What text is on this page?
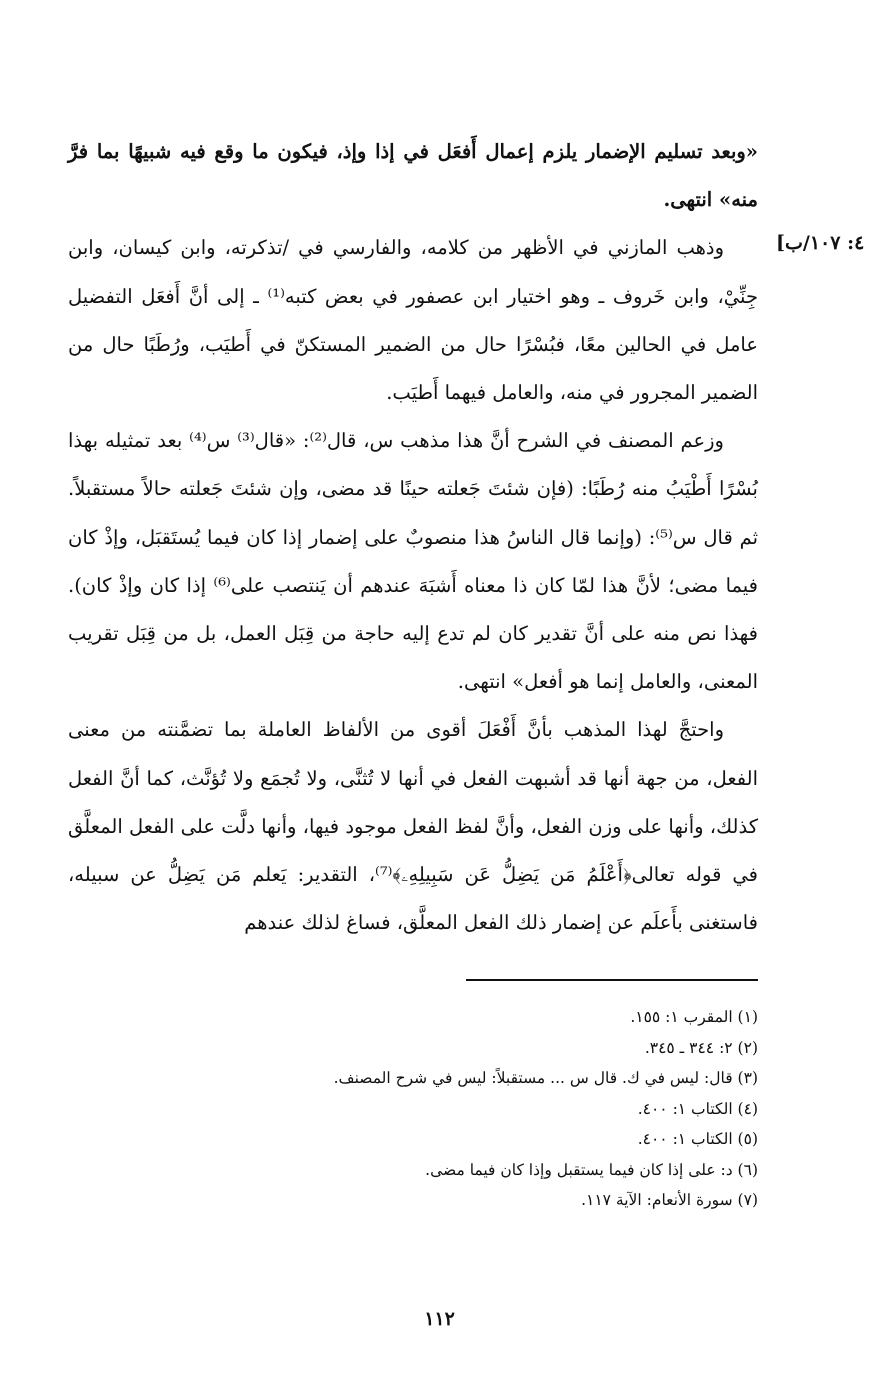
٤: ١٠٧/ب]

«وبعد تسليم الإضمار يلزم إعمال أَفعَل في إذا وإذ، فيكون ما وقع فيه شبيهًا بما فرَّ منه» انتهى.

وذهب المازني في الأظهر من كلامه، والفارسي في /تذكرته، وابن كيسان، وابن جِنِّيْ، وابن خَروف ـ وهو اختيار ابن عصفور في بعض كتبه⁽¹⁾ ـ إلى أنَّ أَفعَل التفضيل عامل في الحالين معًا، فبُسْرًا حال من الضمير المستكنّ في أَطيَب، ورُطَبًا حال من الضمير المجرور في منه، والعامل فيهما أَطيَب.

وزعم المصنف في الشرح أنَّ هذا مذهب س، قال⁽²⁾: «قال⁽³⁾ س⁽⁴⁾ بعد تمثيله بهذا بُسْرًا أَطْيَبُ منه رُطَبًا: (فإن شئتَ جَعلته حينًا قد مضى، وإن شئتَ جَعلته حالاً مستقبلاً. ثم قال س⁽⁵⁾: (وإنما قال الناسُ هذا منصوبٌ على إضمار إذا كان فيما يُستَقبَل، وإذْ كان فيما مضى؛ لأنَّ هذا لمّا كان ذا معناه أَشبَهَ عندهم أن يَنتصب على⁽⁶⁾ إذا كان وإذْ كان). فهذا نص منه على أنَّ تقدير كان لم تدع إليه حاجة من قِبَل العمل، بل من قِبَل تقريب المعنى، والعامل إنما هو أفعل» انتهى.

واحتجَّ لهذا المذهب بأنَّ أَفْعَلَ أقوى من الألفاظ العاملة بما تضمَّنته من معنى الفعل، من جهة أنها قد أشبهت الفعل في أنها لا تُثنَّى، ولا تُجمَع ولا تُؤنَّث، كما أنَّ الفعل كذلك، وأنها على وزن الفعل، وأنَّ لفظ الفعل موجود فيها، وأنها دلَّت على الفعل المعلَّق في قوله تعالى﴿أَعْلَمُ مَن يَضِلُّ عَن سَبِيلِهِۦ﴾⁽⁷⁾، التقدير: يَعلم مَن يَضِلُّ عن سبيله، فاستغنى بأَعلَم عن إضمار ذلك الفعل المعلَّق، فساغ لذلك عندهم

(١) المقرب ١: ١٥٥.
(٢) ٢: ٣٤٤ ـ ٣٤٥.
(٣) قال: ليس في ك. قال س ... مستقبلاً: ليس في شرح المصنف.
(٤) الكتاب ١: ٤٠٠.
(٥) الكتاب ١: ٤٠٠.
(٦) د: على إذا كان فيما يستقبل وإذا كان فيما مضى.
(٧) سورة الأنعام: الآية ١١٧.
١١٢
